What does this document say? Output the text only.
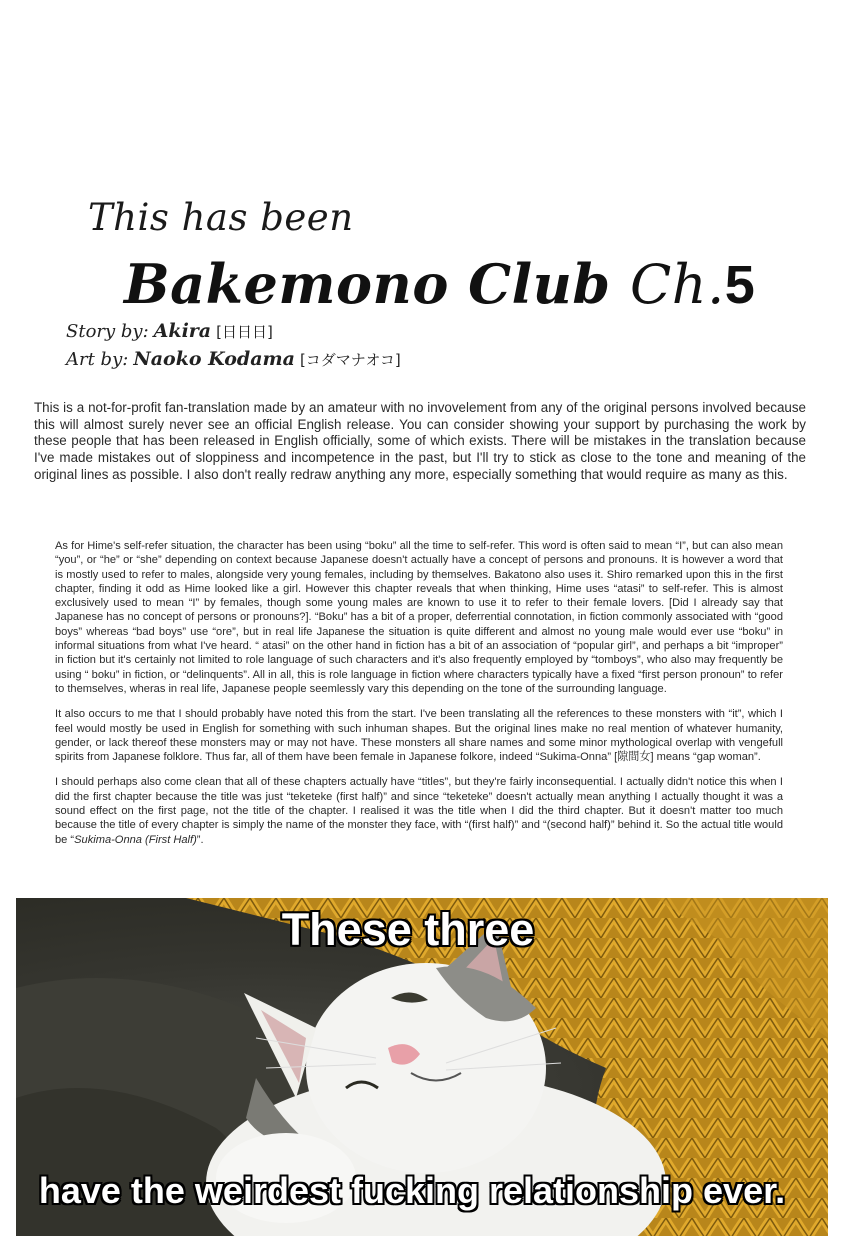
This has been
Bakemono Club Ch.5
Story by: Akira [日日日]
Art by: Naoko Kodama [コダマナオコ]

This is a not-for-profit fan-translation made by an amateur with no invovelement from any of the original persons involved because this will almost surely never see an official English release. You can consider showing your support by purchasing the work by these people that has been released in English officially, some of which exists. There will be mistakes in the translation because I've made mistakes out of sloppiness and incompetence in the past, but I'll try to stick as close to the tone and meaning of the original lines as possible. I also don't really redraw anything any more, especially something that would require as many as this.

As for Hime's self-refer situation, the character has been using “boku” all the time to self-refer. This word is often said to mean “I”, but can also mean “you”, or “he” or “she” depending on context because Japanese doesn't actually have a concept of persons and pronouns. It is however a word that is mostly used to refer to males, alongside very young females, including by themselves. Bakatono also uses it. Shiro remarked upon this in the first chapter, finding it odd as Hime looked like a girl. However this chapter reveals that when thinking, Hime uses “atasi” to self-refer. This is almost exclusively used to mean “I” by females, though some young males are known to use it to refer to their female lovers. [Did I already say that Japanese has no concept of persons or pronouns?]. “Boku” has a bit of a proper, deferrential connotation, in fiction commonly associated with “good boys” whereas “bad boys” use “ore”, but in real life Japanese the situation is quite different and almost no young male would ever use “boku” in informal situations from what I've heard. “ atasi” on the other hand in fiction has a bit of an association of “popular girl”, and perhaps a bit “improper” in fiction but it's certainly not limited to role language of such characters and it's also frequently employed by “tomboys”, who also may frequently be using “ boku” in fiction, or “delinquents”. All in all, this is role language in fiction where characters typically have a fixed “first person pronoun” to refer to themselves, wheras in real life, Japanese people seemlessly vary this depending on the tone of the surrounding language.

It also occurs to me that I should probably have noted this from the start. I've been translating all the references to these monsters with “it”, which I feel would mostly be used in English for something with such inhuman shapes. But the original lines make no real mention of whatever humanity, gender, or lack thereof these monsters may or may not have. These monsters all share names and some minor mythological overlap with vengefull spirits from Japanese folklore. Thus far, all of them have been female in Japanese folkore, indeed “Sukima-Onna” [隙間女] means “gap woman”.

I should perhaps also come clean that all of these chapters actually have “titles”, but they're fairly inconsequential. I actually didn't notice this when I did the first chapter because the title was just “teketeke (first half)” and since “teketeke” doesn't actually mean anything I actually thought it was a sound effect on the first page, not the title of the chapter. I realised it was the title when I did the third chapter. But it doesn't matter too much because the title of every chapter is simply the name of the monster they face, with “(first half)” and “(second half)” behind it. So the actual title would be “Sukima-Onna (First Half)”.

These three
have the weirdest fucking relationship ever.
